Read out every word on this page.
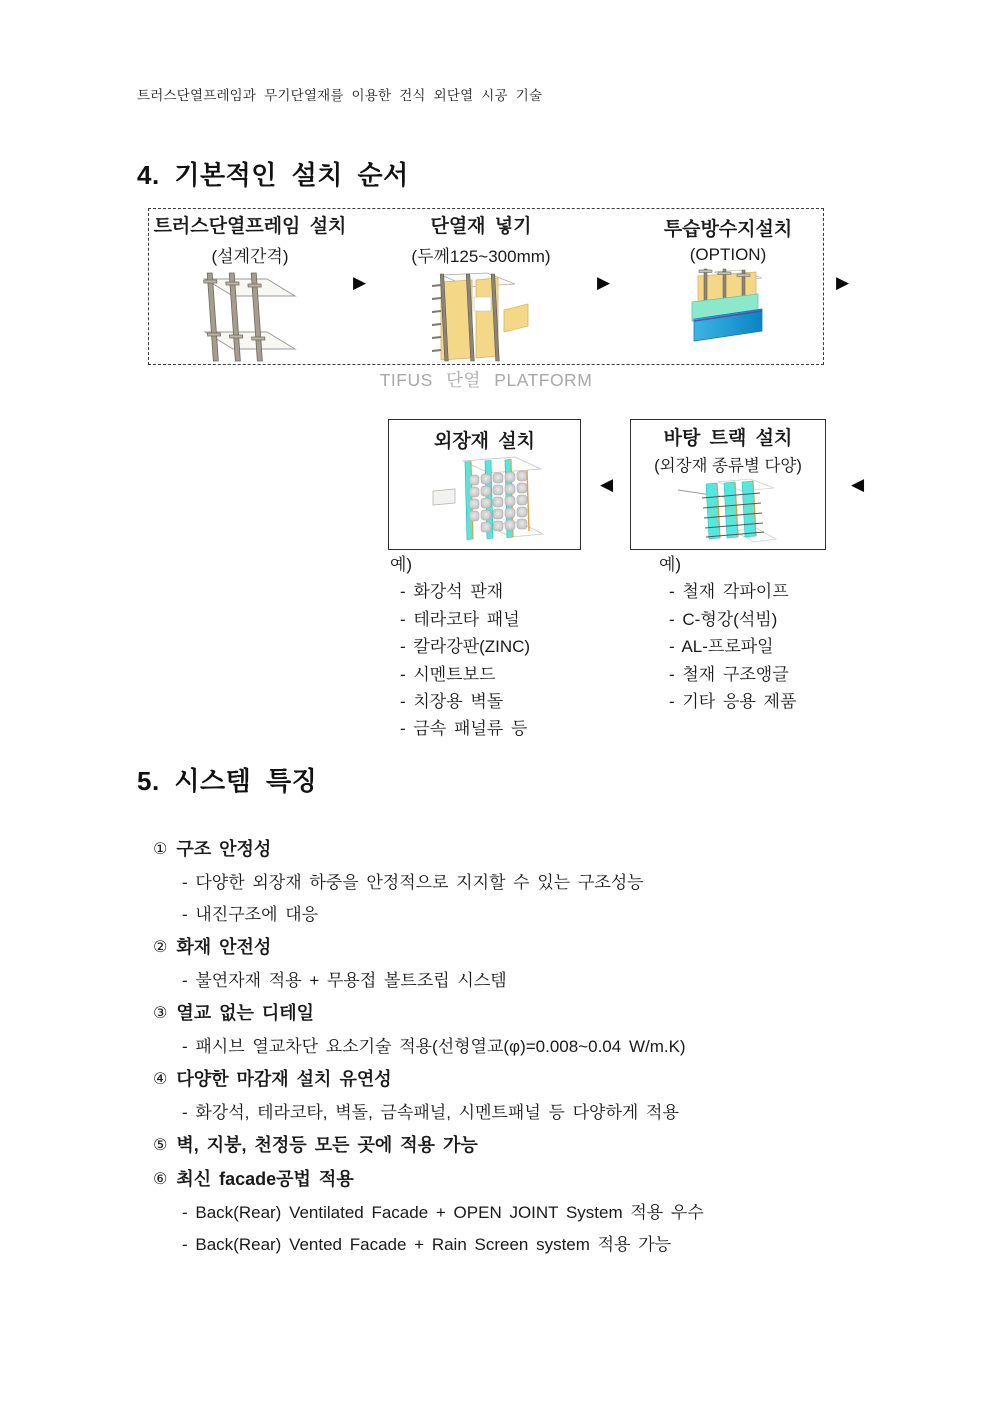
트러스단열프레임과 무기단열재를 이용한 건식 외단열 시공 기술
4. 기본적인 설치 순서
트러스단열프레임 설치
(설계간격)
단열재 넣기
(두께125~300mm)
투습방수지설치
(OPTION)
▶	▶	▶
TIFUS 단열 PLATFORM
외장재 설치	바탕 트랙 설치
(외장재 종류별 다양)
◀	◀
예)
- 화강석 판재
- 테라코타 패널
- 칼라강판(ZINC)
- 시멘트보드
- 치장용 벽돌
- 금속 패널류 등
예)
- 철재 각파이프
- C-형강(석빔)
- AL-프로파일
- 철재 구조앵글
- 기타 응용 제품
5. 시스템 특징
① 구조 안정성
- 다양한 외장재 하중을 안정적으로 지지할 수 있는 구조성능
- 내진구조에 대응
② 화재 안전성
- 불연자재 적용 + 무용접 볼트조립 시스템
③ 열교 없는 디테일
- 패시브 열교차단 요소기술 적용(선형열교(φ)=0.008~0.04 W/m.K)
④ 다양한 마감재 설치 유연성
- 화강석, 테라코타, 벽돌, 금속패널, 시멘트패널 등 다양하게 적용
⑤ 벽, 지붕, 천정등 모든 곳에 적용 가능
⑥ 최신 facade공법 적용
- Back(Rear) Ventilated Facade + OPEN JOINT System 적용 우수
- Back(Rear) Vented Facade + Rain Screen system 적용 가능
